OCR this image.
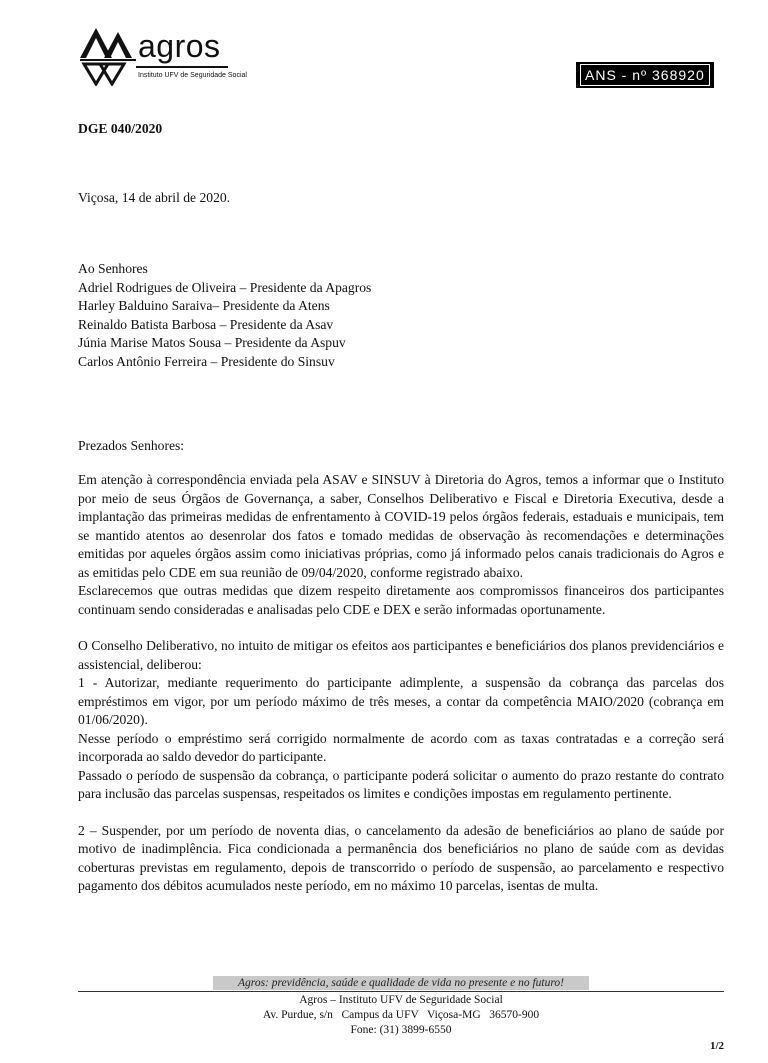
agros
Instituto UFV de Seguridade Social	ANS - nº 368920
DGE 040/2020
Viçosa, 14 de abril de 2020.
Ao Senhores
Adriel Rodrigues de Oliveira – Presidente da Apagros
Harley Balduino Saraiva– Presidente da Atens
Reinaldo Batista Barbosa – Presidente da Asav
Júnia Marise Matos Sousa – Presidente da Aspuv
Carlos Antônio Ferreira – Presidente do Sinsuv
Prezados Senhores:

Em atenção à correspondência enviada pela ASAV e SINSUV à Diretoria do Agros, temos a informar que o Instituto por meio de seus Órgãos de Governança, a saber, Conselhos Deliberativo e Fiscal e Diretoria Executiva, desde a implantação das primeiras medidas de enfrentamento à COVID-19 pelos órgãos federais, estaduais e municipais, tem se mantido atentos ao desenrolar dos fatos e tomado medidas de observação às recomendações e determinações emitidas por aqueles órgãos assim como iniciativas próprias, como já informado pelos canais tradicionais do Agros e as emitidas pelo CDE em sua reunião de 09/04/2020, conforme registrado abaixo.

Esclarecemos que outras medidas que dizem respeito diretamente aos compromissos financeiros dos participantes continuam sendo consideradas e analisadas pelo CDE e DEX e serão informadas oportunamente.

O Conselho Deliberativo, no intuito de mitigar os efeitos aos participantes e beneficiários dos planos previdenciários e assistencial, deliberou:

1 - Autorizar, mediante requerimento do participante adimplente, a suspensão da cobrança das parcelas dos empréstimos em vigor, por um período máximo de três meses, a contar da competência MAIO/2020 (cobrança em 01/06/2020).

Nesse período o empréstimo será corrigido normalmente de acordo com as taxas contratadas e a correção será incorporada ao saldo devedor do participante.

Passado o período de suspensão da cobrança, o participante poderá solicitar o aumento do prazo restante do contrato para inclusão das parcelas suspensas, respeitados os limites e condições impostas em regulamento pertinente.

2 – Suspender, por um período de noventa dias, o cancelamento da adesão de beneficiários ao plano de saúde por motivo de inadimplência. Fica condicionada a permanência dos beneficiários no plano de saúde com as devidas coberturas previstas em regulamento, depois de transcorrido o período de suspensão, ao parcelamento e respectivo pagamento dos débitos acumulados neste período, em no máximo 10 parcelas, isentas de multa.

Agros: previdência, saúde e qualidade de vida no presente e no futuro!
Agros – Instituto UFV de Seguridade Social
Av. Purdue, s/n   Campus da UFV   Viçosa-MG   36570-900
Fone: (31) 3899-6550
1/2
